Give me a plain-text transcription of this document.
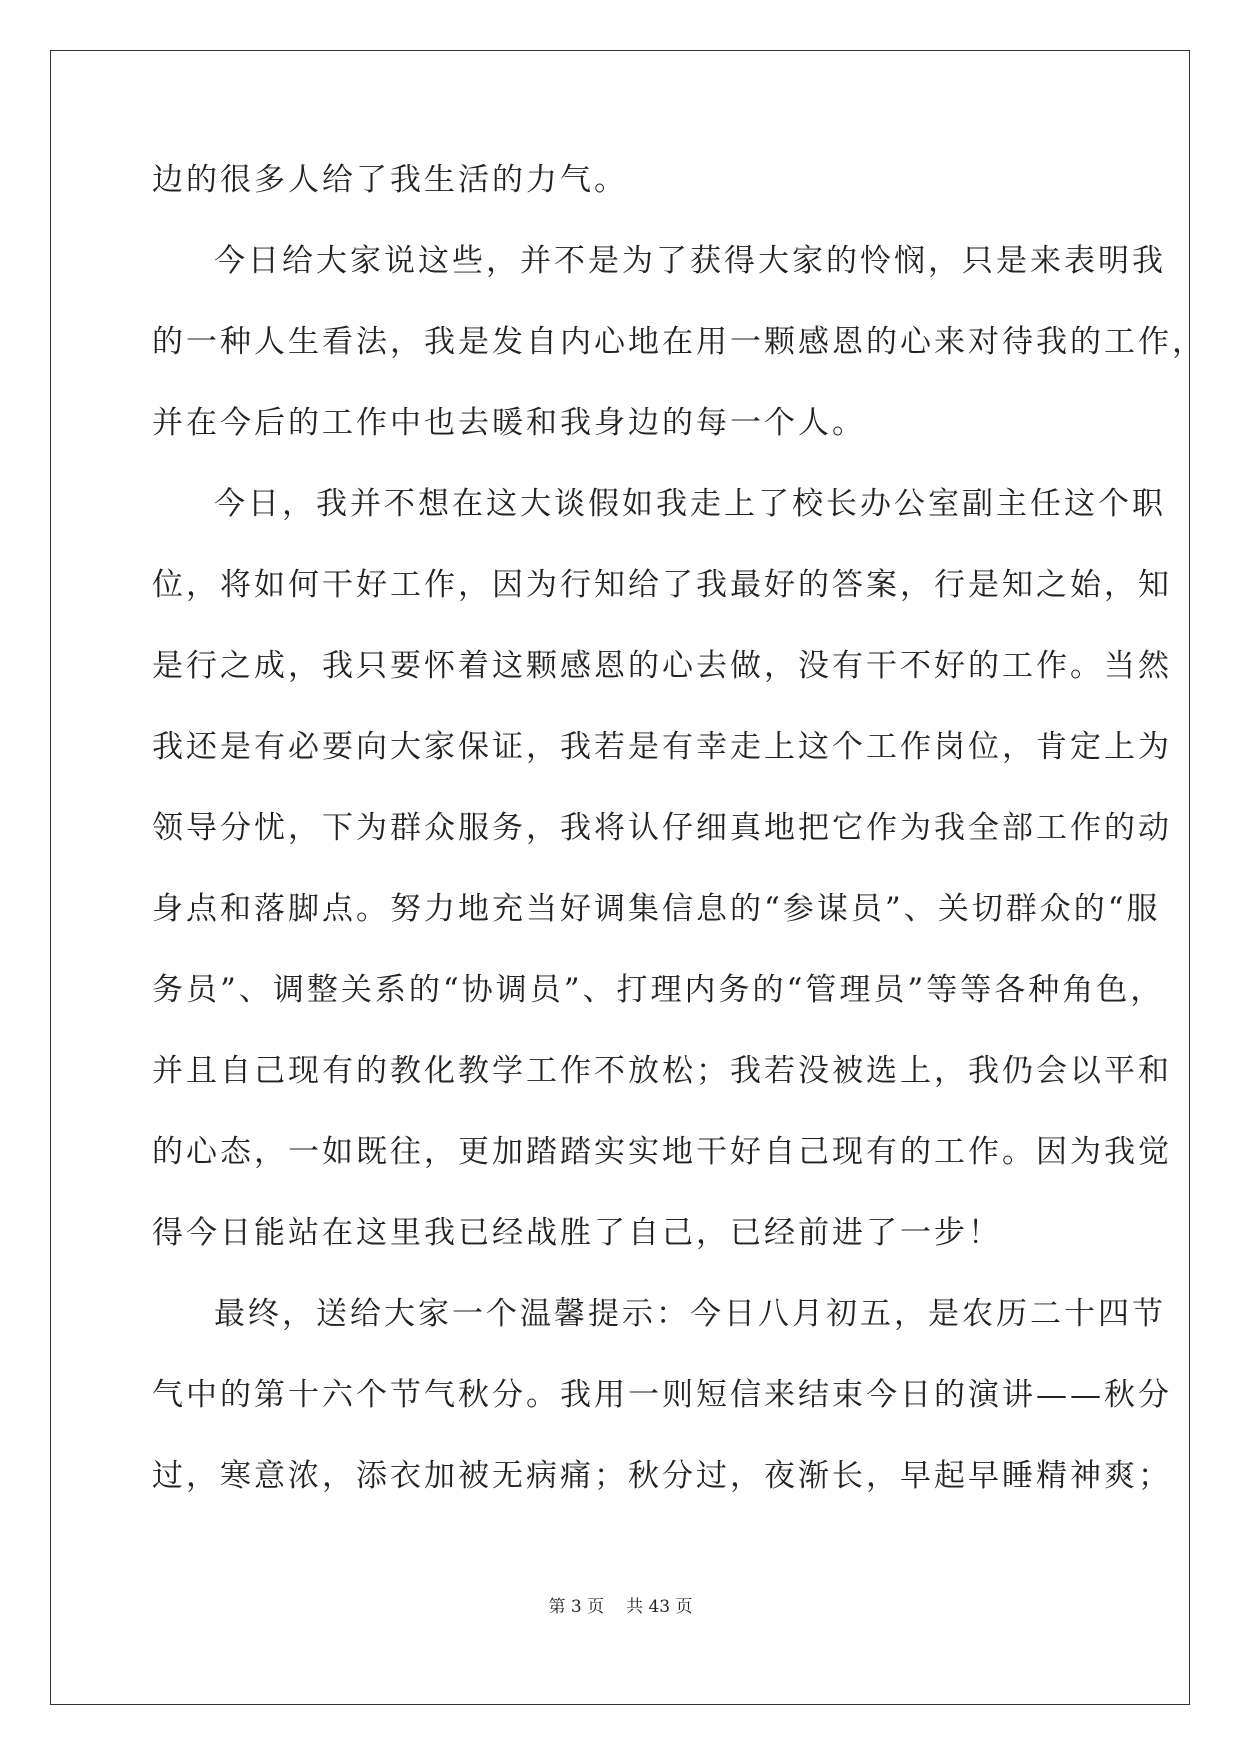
边的很多人给了我生活的力气。
今日给大家说这些，并不是为了获得大家的怜悯，只是来表明我
的一种人生看法，我是发自内心地在用一颗感恩的心来对待我的工作，
并在今后的工作中也去暖和我身边的每一个人。
今日，我并不想在这大谈假如我走上了校长办公室副主任这个职
位，将如何干好工作，因为行知给了我最好的答案，行是知之始，知
是行之成，我只要怀着这颗感恩的心去做，没有干不好的工作。当然
我还是有必要向大家保证，我若是有幸走上这个工作岗位，肯定上为
领导分忧，下为群众服务，我将认仔细真地把它作为我全部工作的动
身点和落脚点。努力地充当好调集信息的“参谋员”、关切群众的“服
务员”、调整关系的“协调员”、打理内务的“管理员”等等各种角色，
并且自己现有的教化教学工作不放松；我若没被选上，我仍会以平和
的心态，一如既往，更加踏踏实实地干好自己现有的工作。因为我觉
得今日能站在这里我已经战胜了自己，已经前进了一步！
最终，送给大家一个温馨提示：今日八月初五，是农历二十四节
气中的第十六个节气秋分。我用一则短信来结束今日的演讲——秋分
过，寒意浓，添衣加被无病痛；秋分过，夜渐长，早起早睡精神爽；
第 3 页 共 43 页
